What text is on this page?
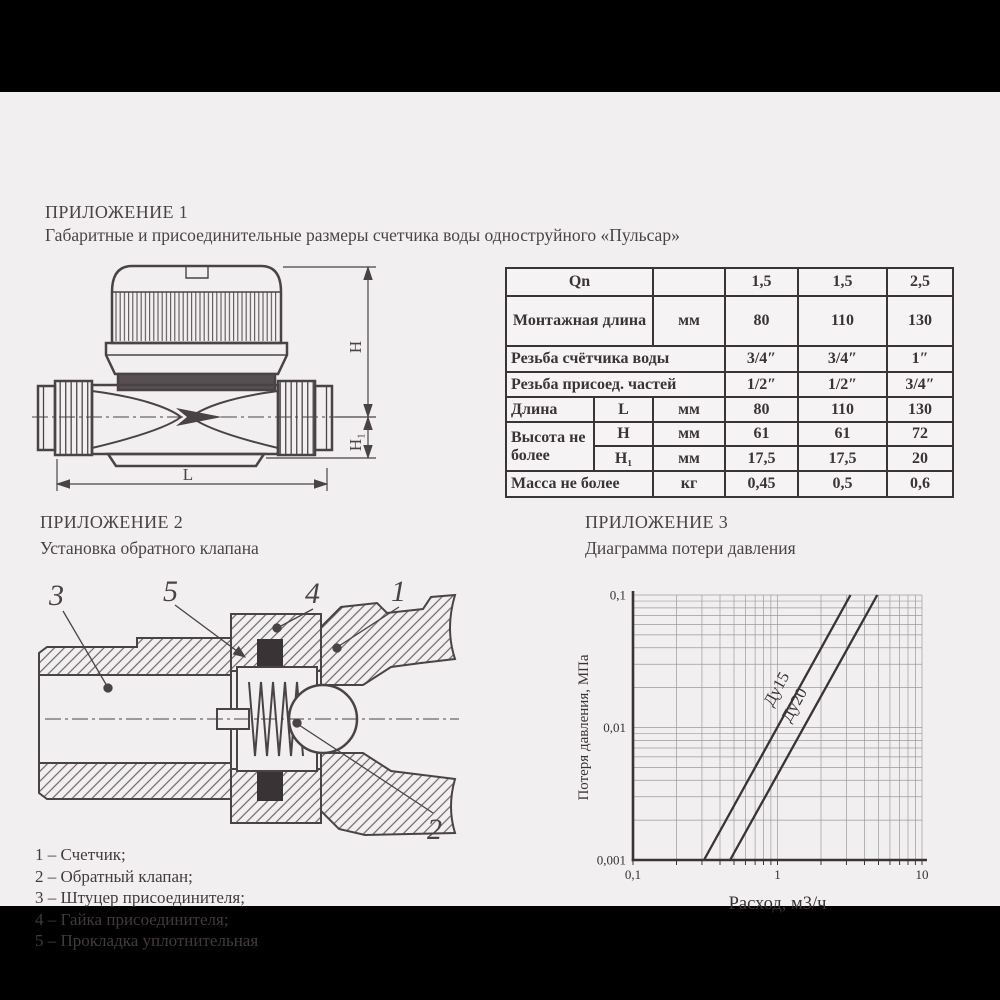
ПРИЛОЖЕНИЕ 1
Габаритные и присоединительные размеры счетчика воды одноструйного «Пульсар»
H
H₁
L
Qn			1,5	1,5	2,5
Монтажная длина		мм	80	110	130
Резьба счётчика воды			3/4″	3/4″	1″
Резьба присоед. частей			1/2″	1/2″	3/4″
Длина	L	мм	80	110	130
Высота не более	H	мм	61	61	72
	H₁	мм	17,5	17,5	20
Масса не более		кг	0,45	0,5	0,6
ПРИЛОЖЕНИЕ 2
Установка обратного клапана
ПРИЛОЖЕНИЕ 3
Диаграмма потери давления
3	5	4 1
2
1 – Счетчик;
2 – Обратный клапан;
3 – Штуцер присоединителя;
4 – Гайка присоединителя;
5 – Прокладка уплотнительная
0,1	1	10
0,1
0,01
0,001
Ду15
Ду20
Расход, м3/ч
Потеря давления, МПа
